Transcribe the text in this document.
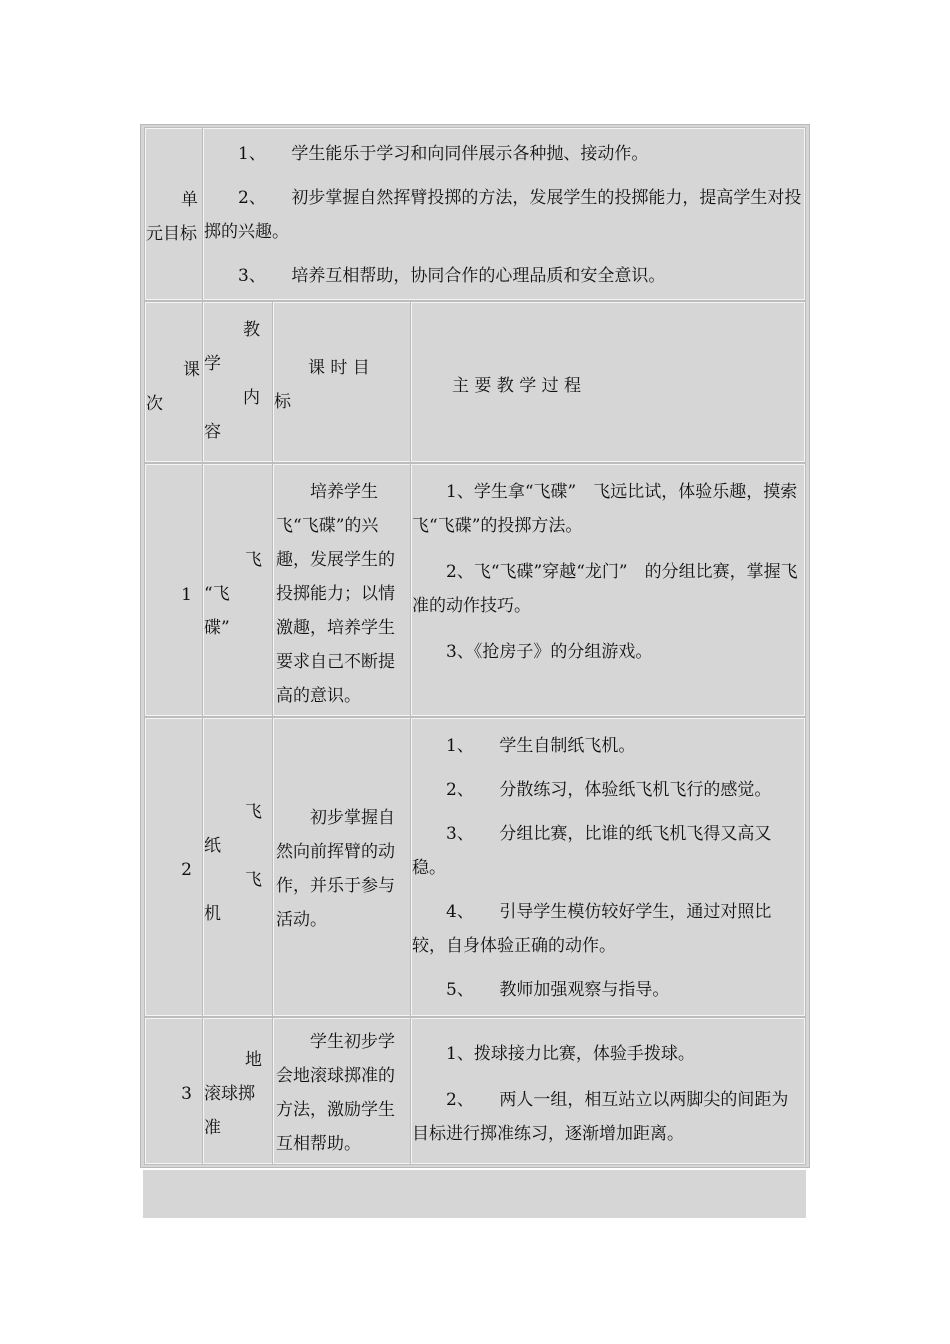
单

元目标

1、　　学生能乐于学习和向同伴展示各种抛、接动作。

2、　　初步掌握自然挥臂投掷的方法，发展学生的投掷能力，提高学生对投掷的兴趣。

3、　　培养互相帮助，协同合作的心理品质和安全意识。

课

次

教

学

内

容

课 时 目

标

主 要 教 学 过 程

1

飞

“飞

碟”

培养学生飞“飞碟”的兴趣，发展学生的投掷能力；以情激趣，培养学生要求自己不断提高的意识。

1、学生拿“飞碟”　飞远比试，体验乐趣，摸索飞“飞碟”的投掷方法。

2、飞“飞碟”穿越“龙门”　的分组比赛，掌握飞准的动作技巧。

3、《抢房子》的分组游戏。

2

飞

纸

飞

机

初步掌握自然向前挥臂的动作，并乐于参与活动。

1、　　学生自制纸飞机。

2、　　分散练习，体验纸飞机飞行的感觉。

3、　　分组比赛，比谁的纸飞机飞得又高又稳。

4、　　引导学生模仿较好学生，通过对照比较，自身体验正确的动作。

5、　　教师加强观察与指导。

3

地

滚球掷

准

学生初步学会地滚球掷准的方法，激励学生互相帮助。

1、拨球接力比赛，体验手拨球。

2、　　两人一组，相互站立以两脚尖的间距为目标进行掷准练习，逐渐增加距离。
